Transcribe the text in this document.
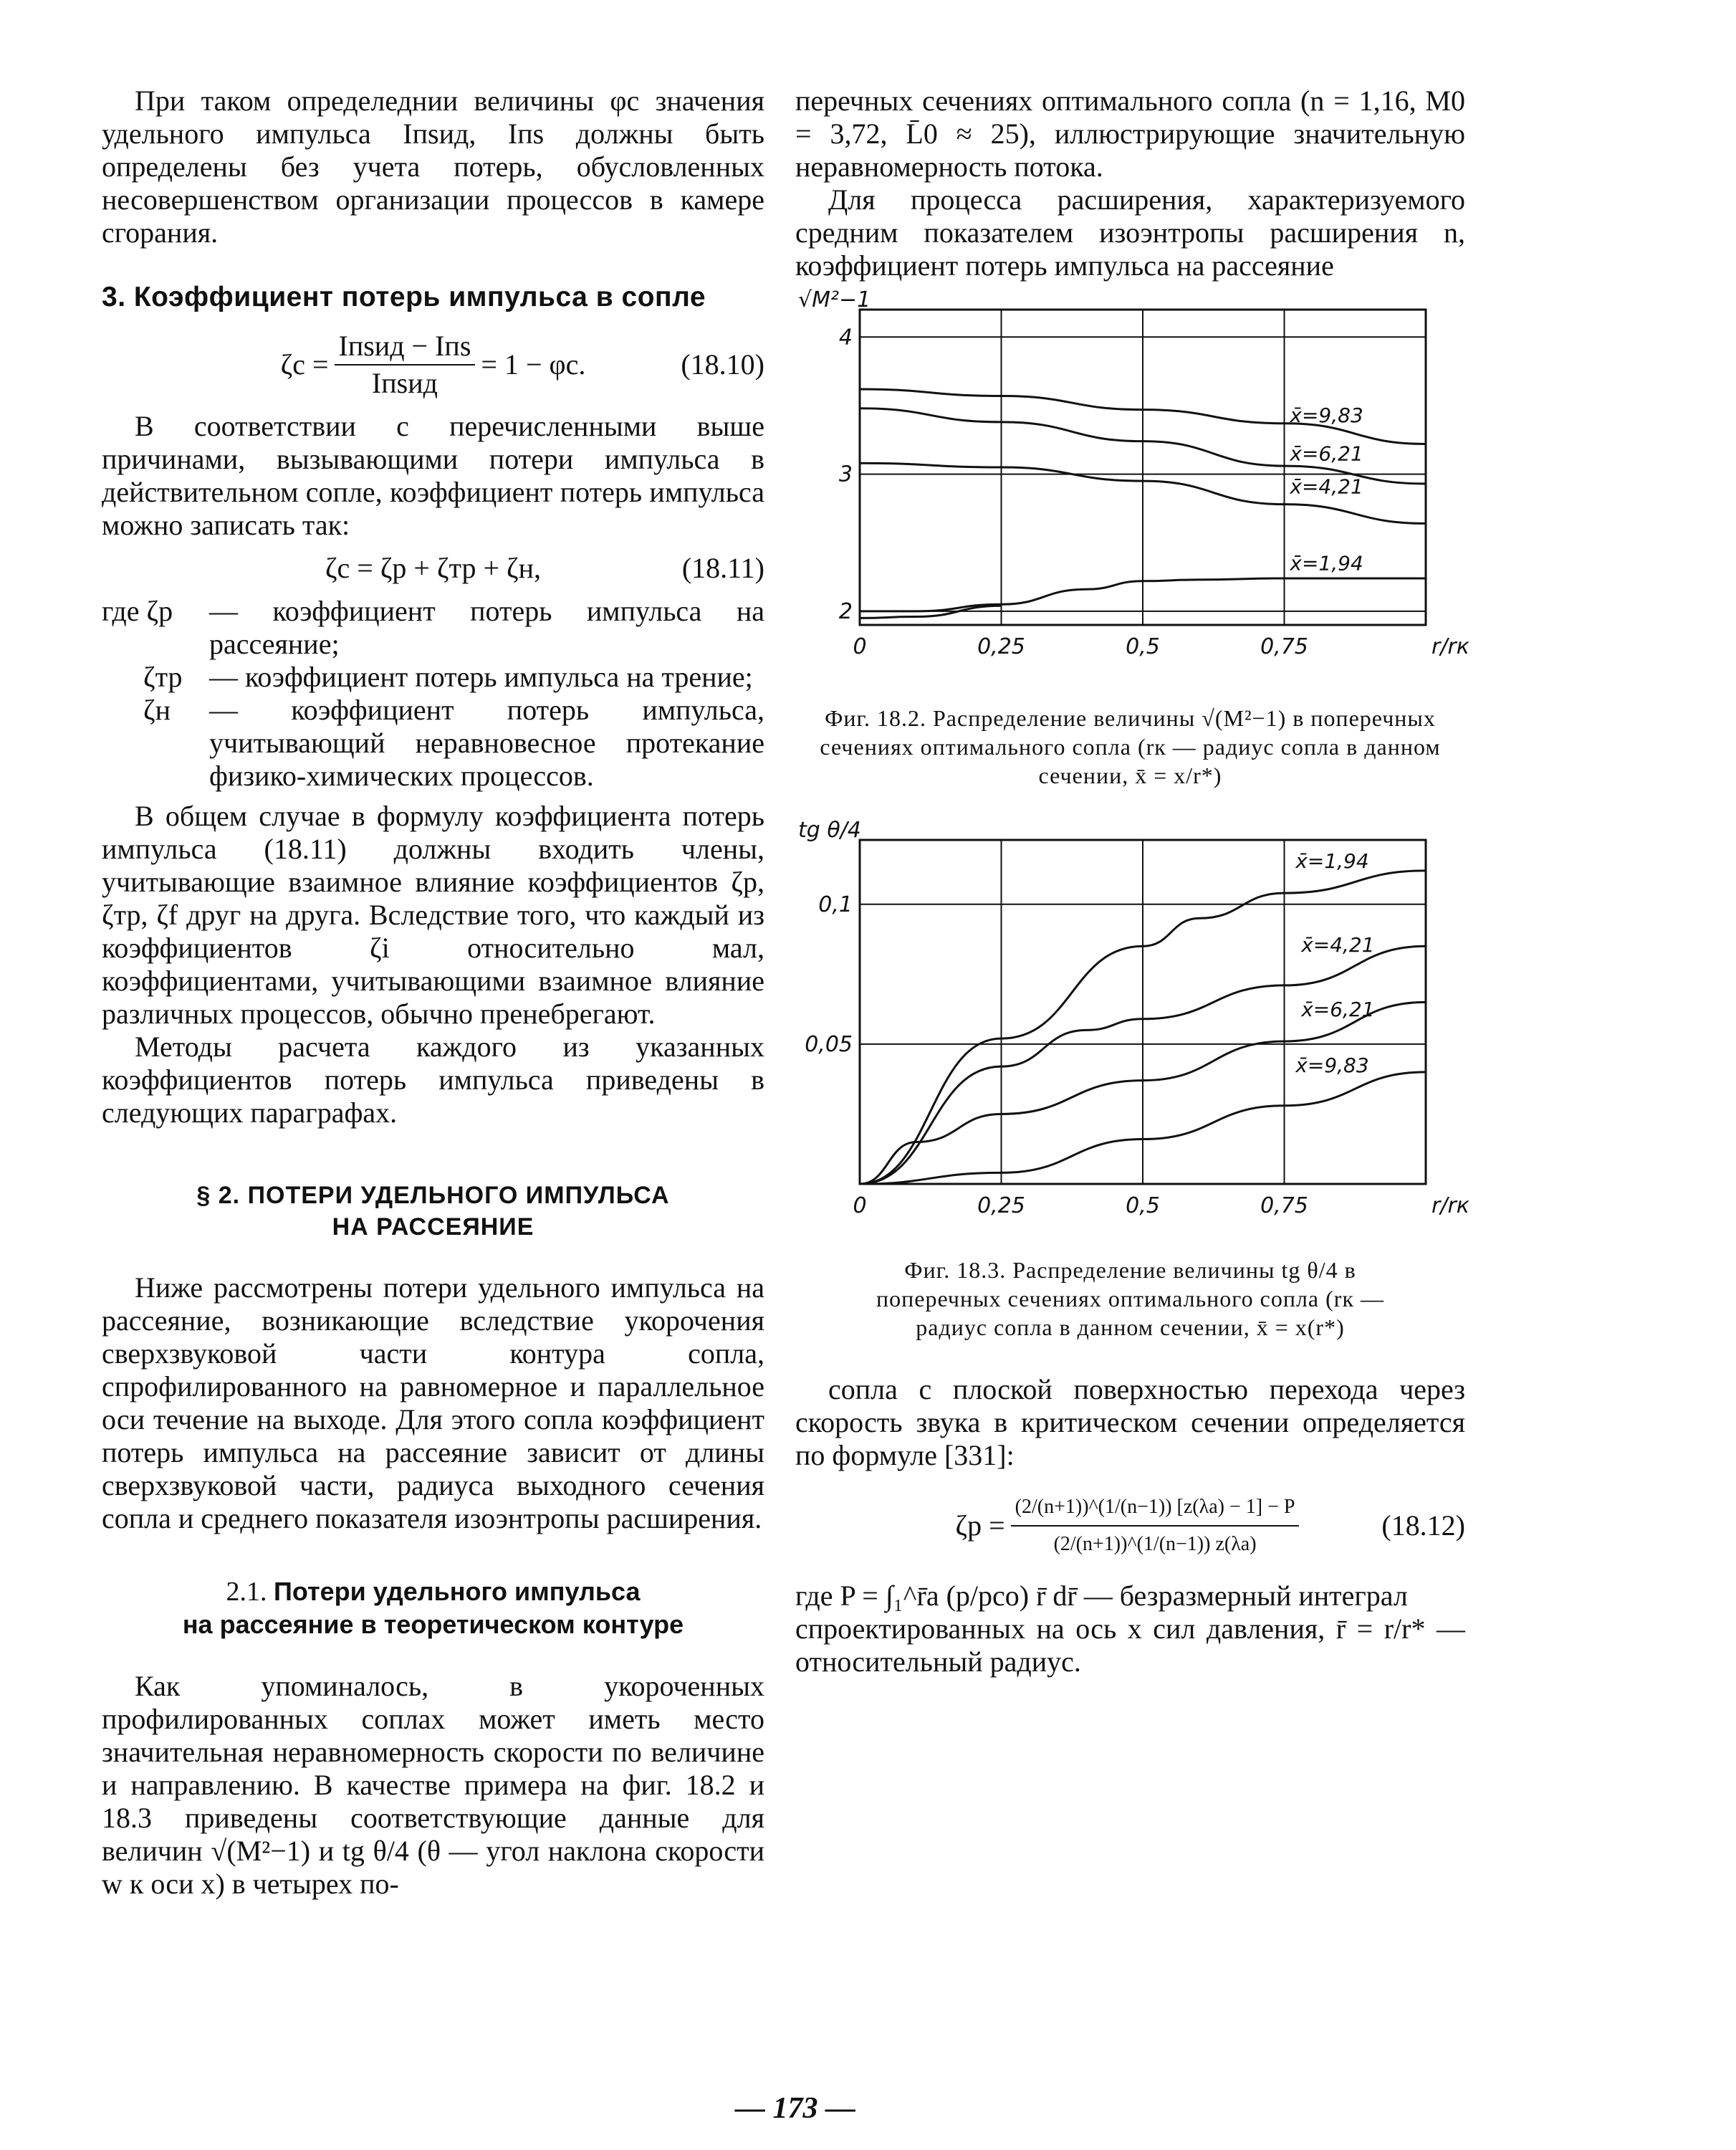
При таком определеднии величины φс значения удельного импульса Iпsид, Iпs должны быть определены без учета потерь, обусловленных несовершенством организации процессов в камере сгорания.

3. Коэффициент потерь импульса в сопле
$\zeta с = \frac{\text{Iпsид − Iпs}}{\text{Iпsид}} = 1 - \varphi с$.	(18.10)

В соответствии с перечисленными выше причинами, вызывающими потери импульса в действительном сопле, коэффициент потерь импульса можно записать так:

ζс = ζр + ζтр + ζн,	(18.11)
где ζр	— коэффициент потерь импульса на рассеяние;
ζтр — коэффициент потерь импульса на трение;
ζн	— коэффициент потерь импульса, учитывающий неравновесное протекание физико-химических процессов.

В общем случае в формулу коэффициента потерь импульса (18.11) должны входить члены, учитывающие взаимное влияние коэффициентов ζр, ζтр, ζf друг на друга. Вследствие того, что каждый из коэффициентов ζi относительно мал, коэффициентами, учитывающими взаимное влияние различных процессов, обычно пренебрегают.

Методы расчета каждого из указанных коэффициентов потерь импульса приведены в следующих параграфах.

§ 2. ПОТЕРИ УДЕЛЬНОГО ИМПУЛЬСА
НА РАССЕЯНИЕ

Ниже рассмотрены потери удельного импульса на рассеяние, возникающие вследствие укорочения сверхзвуковой части контура сопла, спрофилированного на равномерное и параллельное оси течение на выходе. Для этого сопла коэффициент потерь импульса на рассеяние зависит от длины сверхзвуковой части, радиуса выходного сечения сопла и среднего показателя изоэнтропы расширения.

2.1. Потери удельного импульса
на рассеяние в теоретическом контуре

Как упоминалось, в укороченных профилированных соплах может иметь место значительная неравномерность скорости по величине и направлению. В качестве примера на фиг. 18.2 и 18.3 приведены соответствующие данные для величин √(M²−1) и tg θ/4 (θ — угол наклона скорости w к оси x) в четырех по-

перечных сечениях оптимального сопла (n = 1,16, M0 = 3,72, L̄0 ≈ 25), иллюстрирующие значительную неравномерность потока.

Для процесса расширения, характеризуемого средним показателем изоэнтропы расширения n, коэффициент потерь импульса на рассеяние

0	0,25	0,5	0,75
2
3
4
√M²−1
r/rк
x̄=9,83
x̄=6,21
x̄=4,21
x̄=1,94
Фиг. 18.2. Распределение величины √(M²−1) в поперечных сечениях оптимального сопла (rк — радиус сопла в данном сечении, x̄ = x/r*)
0	0,25	0,5	0,75
0,05
0,1
tg θ/4
r/rк
x̄=1,94
x̄=4,21
x̄=6,21
x̄=9,83
Фиг. 18.3. Распределение величины tg θ/4 в поперечных сечениях оптимального сопла (rк — радиус сопла в данном сечении, x̄ = x(r*)

сопла с плоской поверхностью перехода через скорость звука в критическом сечении определяется по формуле [331]:

$\zeta р = \frac{(2/(n+1))\^{}(1/(n-1)) [z(\lambda а) - 1] - P}{(2/(n+1))\^{}(1/(n-1)) z(\lambda а)}$	(18.12)

где P = ∫₁^r̄а (p/pсо) r̄ dr̄ — безразмерный интеграл

спроектированных на ось x сил давления, r̄ = r/r* — относительный радиус.

— 173 —
